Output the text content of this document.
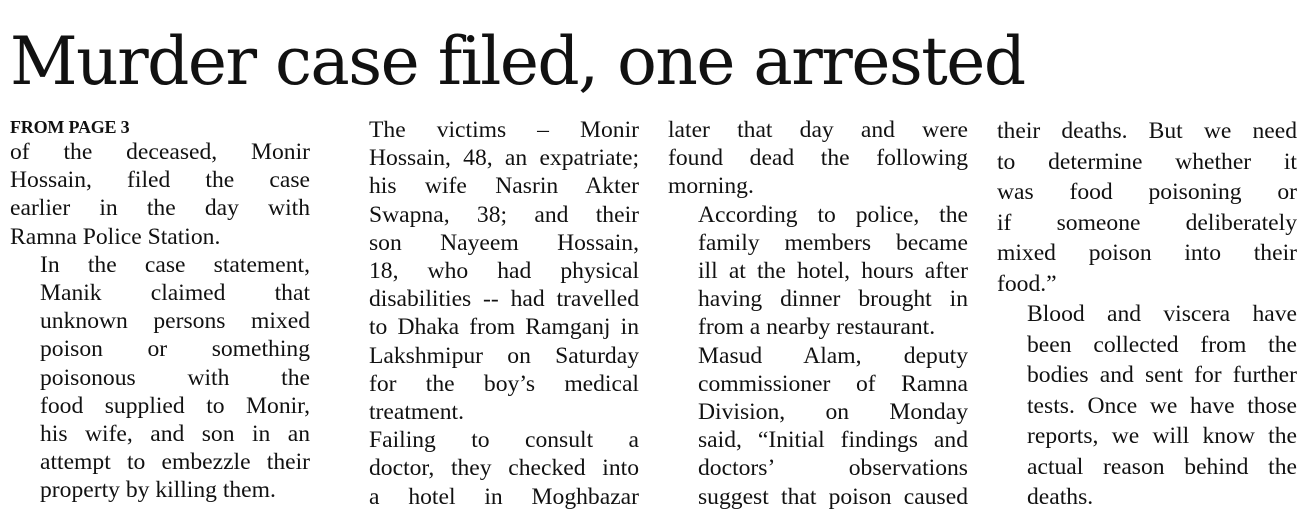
Murder case filed, one arrested
FROM PAGE 3

of the deceased, Monir
Hossain, filed the case
earlier in the day with
Ramna Police Station.

In the case statement,
Manik claimed that
unknown persons mixed
poison or something
poisonous with the
food supplied to Monir,
his wife, and son in an
attempt to embezzle their
property by killing them.

The victims – Monir
Hossain, 48, an expatriate;
his wife Nasrin Akter
Swapna, 38; and their
son Nayeem Hossain,
18, who had physical
disabilities -- had travelled
to Dhaka from Ramganj in
Lakshmipur on Saturday
for the boy’s medical
treatment.

Failing to consult a
doctor, they checked into
a hotel in Moghbazar

later that day and were
found dead the following
morning.

According to police, the
family members became
ill at the hotel, hours after
having dinner brought in
from a nearby restaurant.

Masud Alam, deputy
commissioner of Ramna
Division, on Monday
said, “Initial findings and
doctors’ observations
suggest that poison caused

their deaths. But we need
to determine whether it
was food poisoning or
if someone deliberately
mixed poison into their
food.”

Blood and viscera have
been collected from the
bodies and sent for further
tests. Once we have those
reports, we will know the
actual reason behind the
deaths.
